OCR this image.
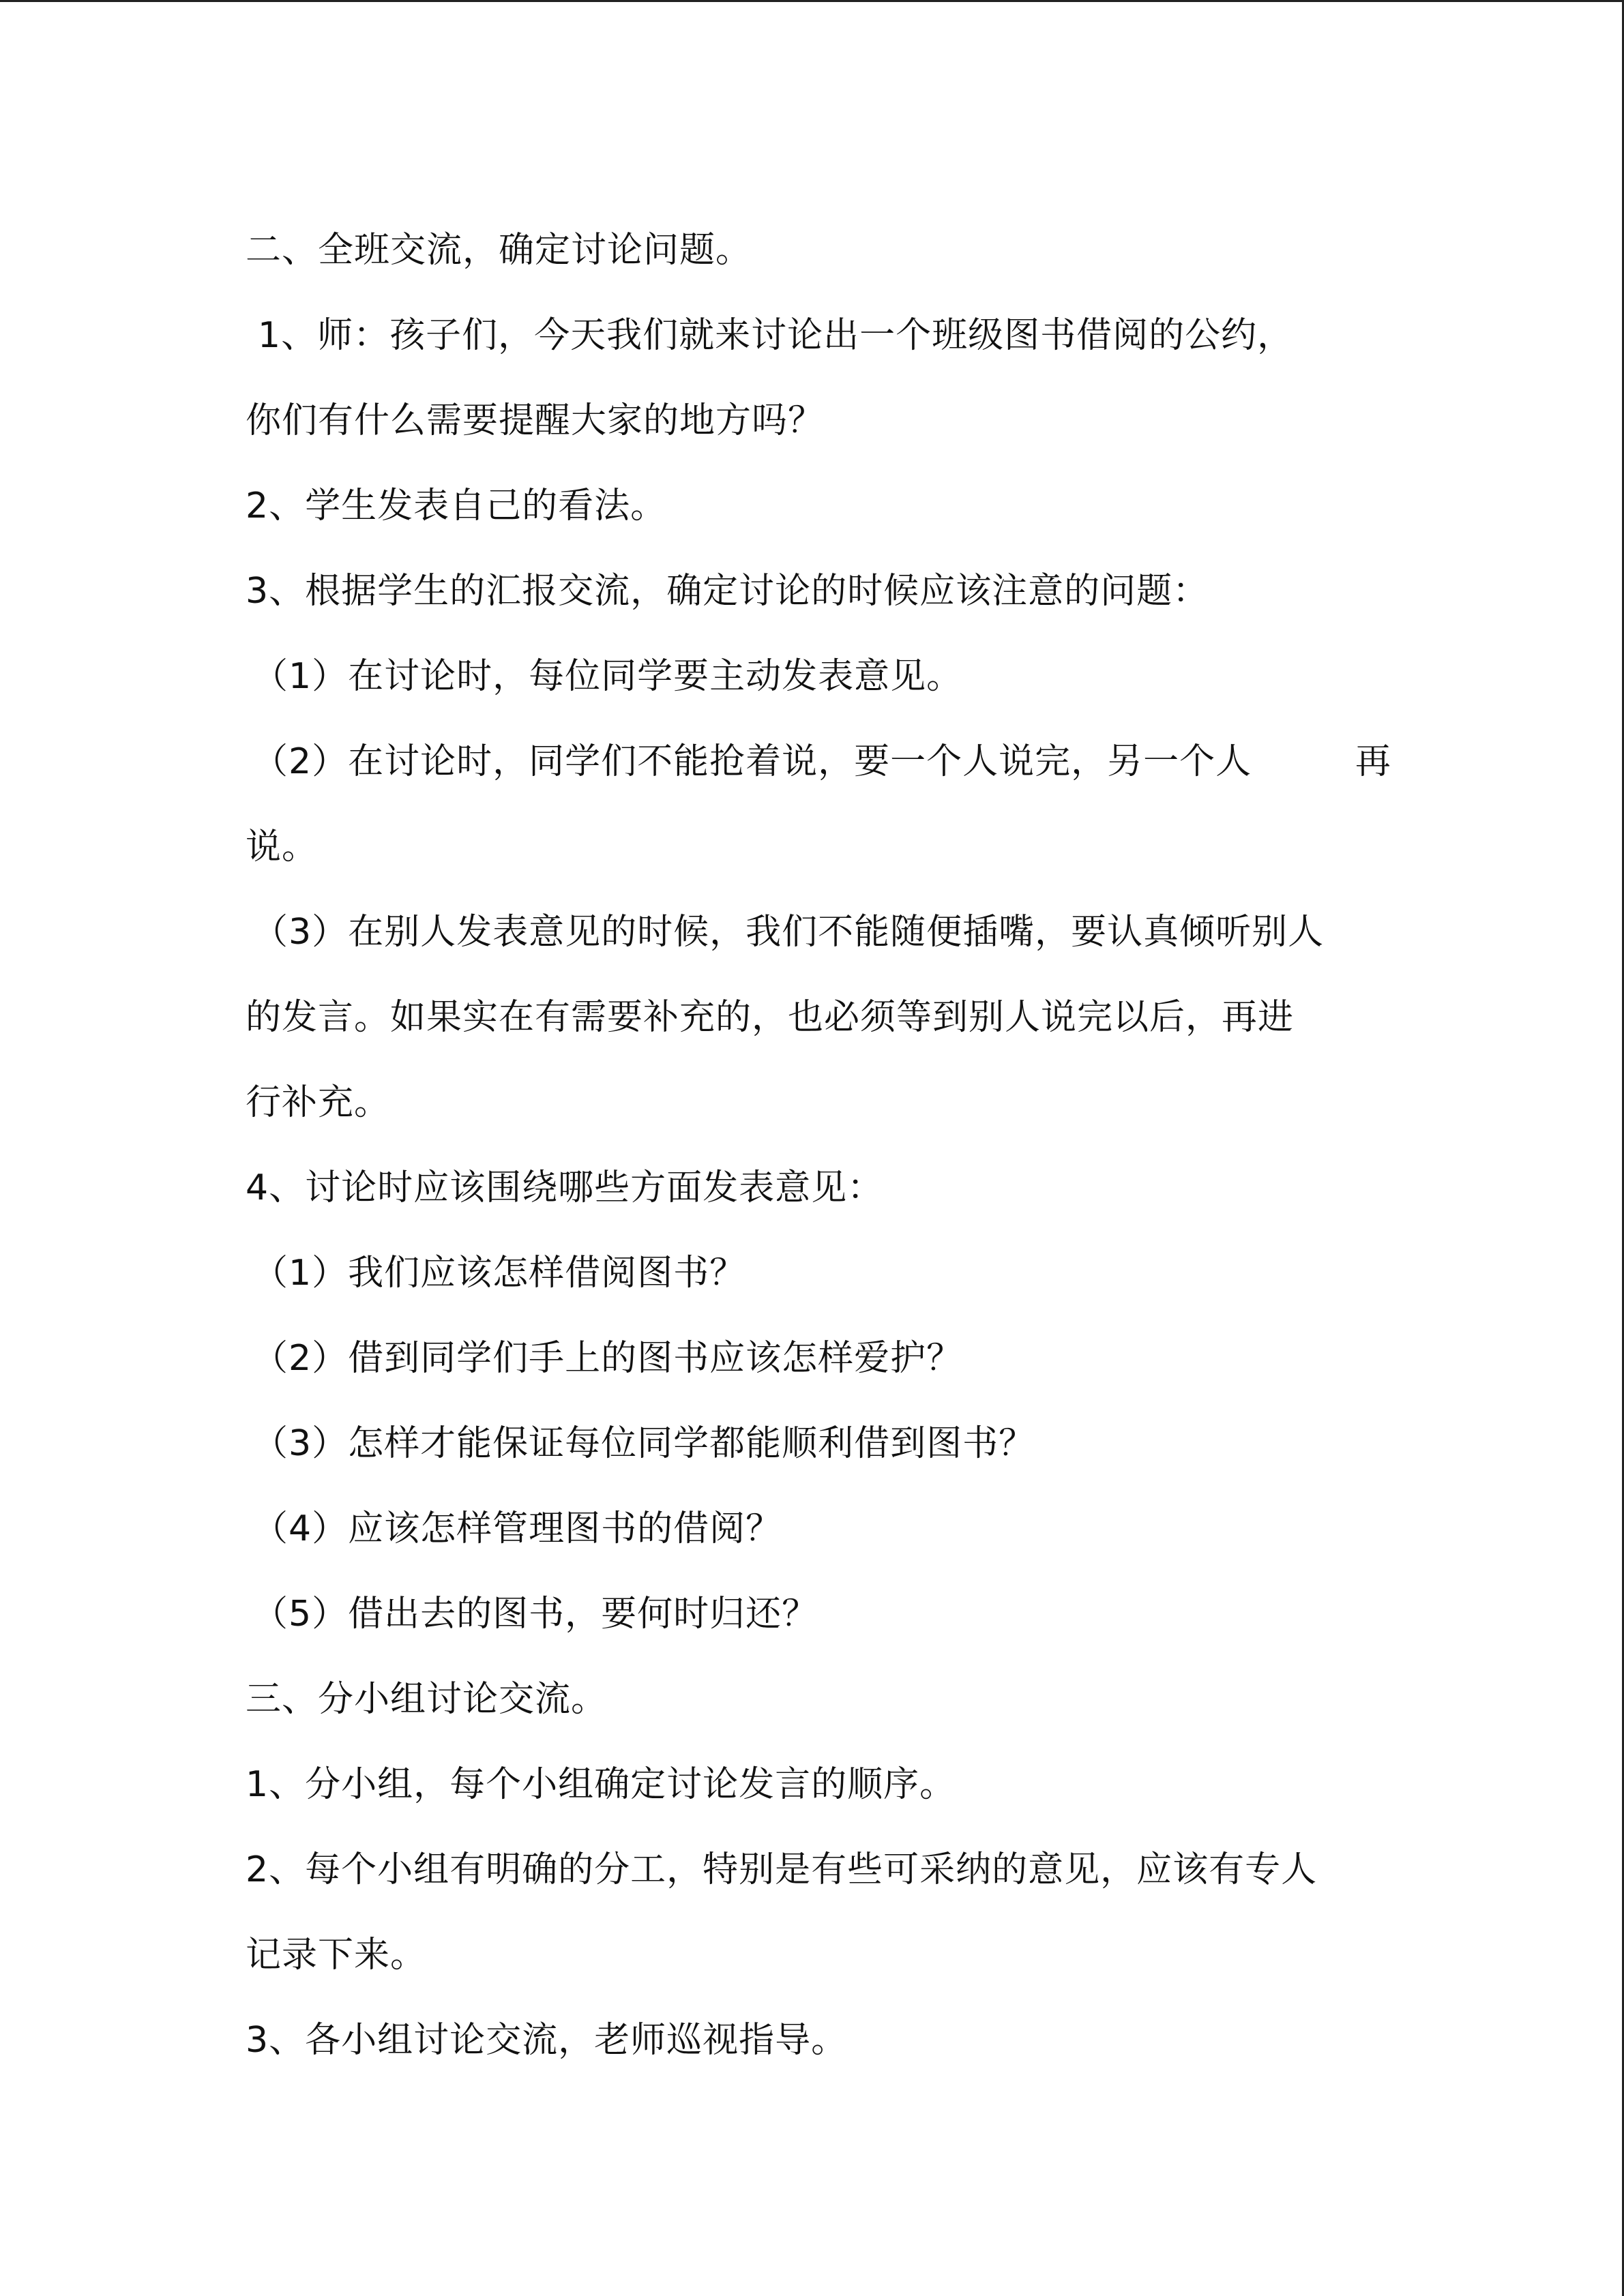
二、全班交流，确定讨论问题。
1、师：孩子们，今天我们就来讨论出一个班级图书借阅的公约，
你们有什么需要提醒大家的地方吗？
2、学生发表自己的看法。
3、根据学生的汇报交流，确定讨论的时候应该注意的问题：
（1）在讨论时，每位同学要主动发表意见。
（2）在讨论时，同学们不能抢着说，要一个人说完，另一个人	再
说。
（3）在别人发表意见的时候，我们不能随便插嘴，要认真倾听别人
的发言。如果实在有需要补充的，也必须等到别人说完以后，再进
行补充。
4、讨论时应该围绕哪些方面发表意见：
（1）我们应该怎样借阅图书？
（2）借到同学们手上的图书应该怎样爱护？
（3）怎样才能保证每位同学都能顺利借到图书？
（4）应该怎样管理图书的借阅？
（5）借出去的图书，要何时归还？
三、分小组讨论交流。
1、分小组，每个小组确定讨论发言的顺序。
2、每个小组有明确的分工，特别是有些可采纳的意见，应该有专人
记录下来。
3、各小组讨论交流，老师巡视指导。
